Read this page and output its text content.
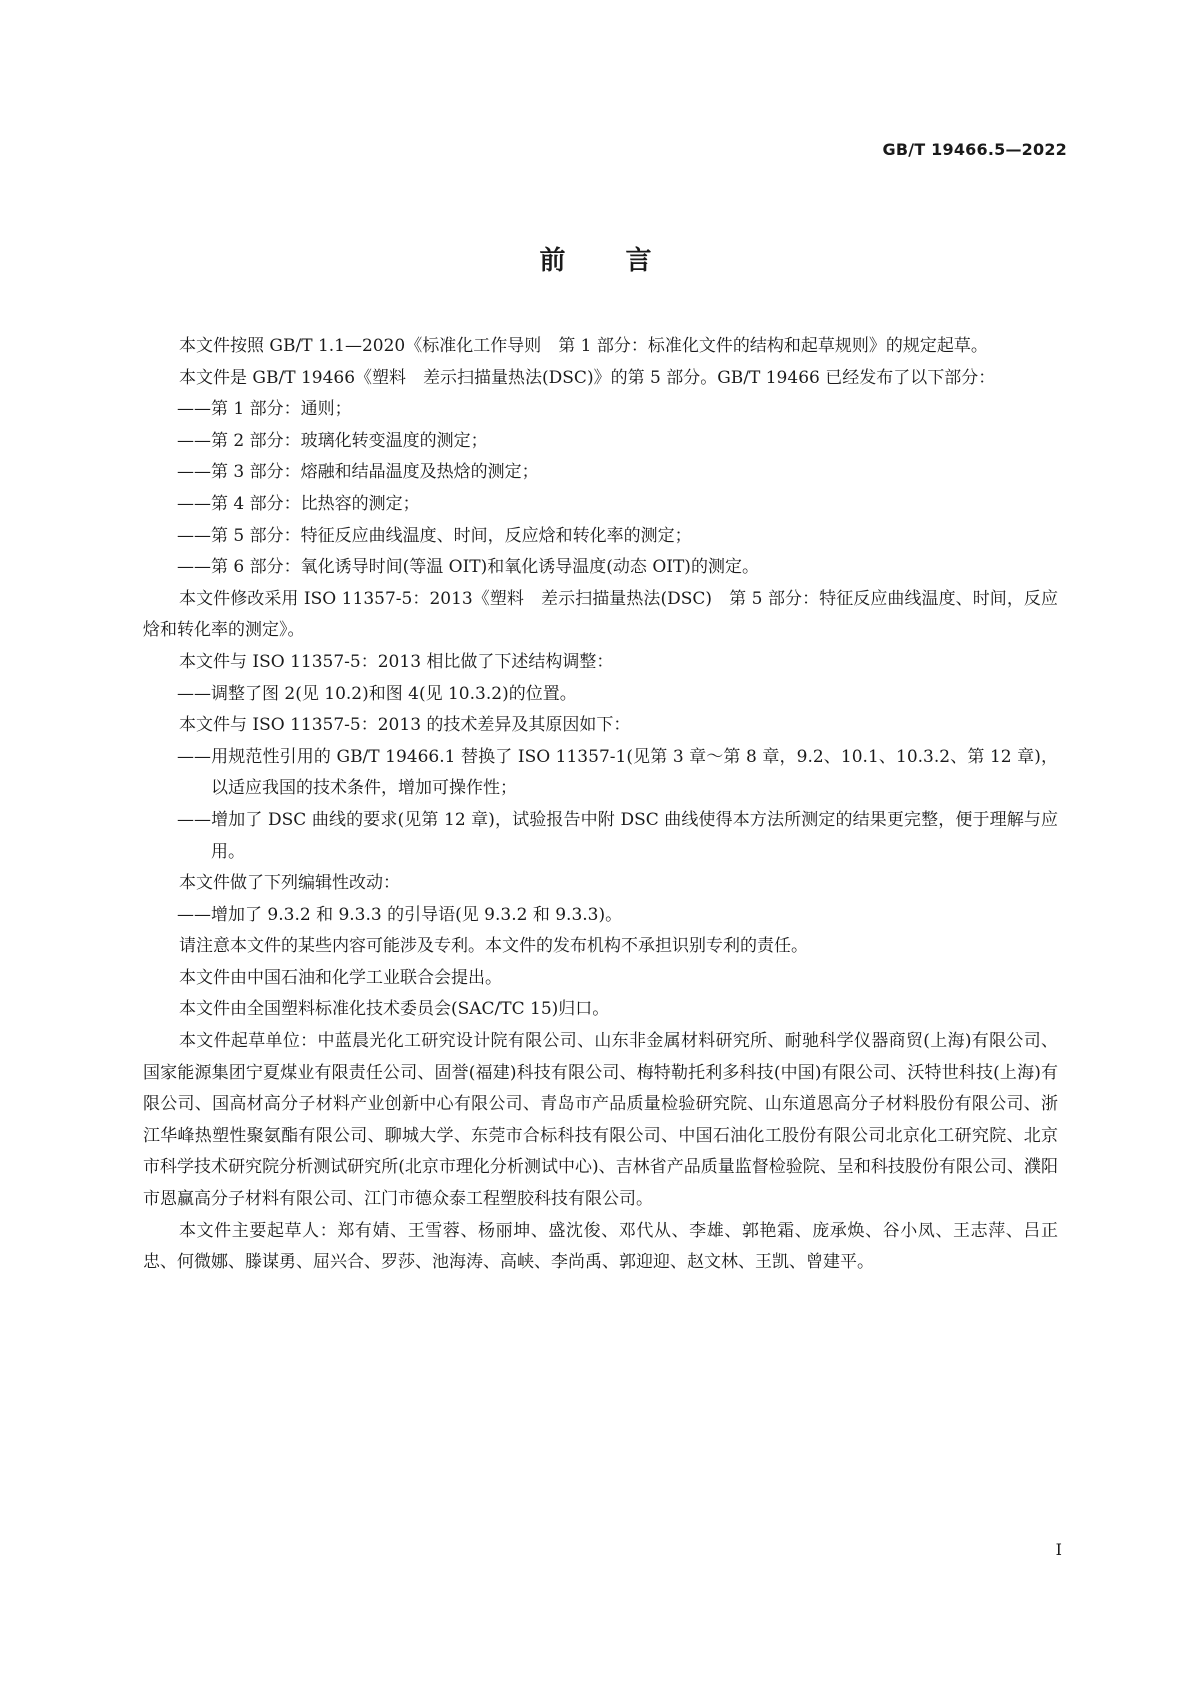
GB/T 19466.5—2022
前言

本文件按照 GB/T 1.1—2020《标准化工作导则　第 1 部分：标准化文件的结构和起草规则》的规定起草。

本文件是 GB/T 19466《塑料　差示扫描量热法(DSC)》的第 5 部分。GB/T 19466 已经发布了以下部分：

——第 1 部分：通则；

——第 2 部分：玻璃化转变温度的测定；

——第 3 部分：熔融和结晶温度及热焓的测定；

——第 4 部分：比热容的测定；

——第 5 部分：特征反应曲线温度、时间，反应焓和转化率的测定；

——第 6 部分：氧化诱导时间(等温 OIT)和氧化诱导温度(动态 OIT)的测定。

本文件修改采用 ISO 11357-5：2013《塑料　差示扫描量热法(DSC)　第 5 部分：特征反应曲线温度、时间，反应焓和转化率的测定》。

本文件与 ISO 11357-5：2013 相比做了下述结构调整：

——调整了图 2(见 10.2)和图 4(见 10.3.2)的位置。

本文件与 ISO 11357-5：2013 的技术差异及其原因如下：

——用规范性引用的 GB/T 19466.1 替换了 ISO 11357-1(见第 3 章～第 8 章，9.2、10.1、10.3.2、第 12 章)，以适应我国的技术条件，增加可操作性；

——增加了 DSC 曲线的要求(见第 12 章)，试验报告中附 DSC 曲线使得本方法所测定的结果更完整，便于理解与应用。

本文件做了下列编辑性改动：

——增加了 9.3.2 和 9.3.3 的引导语(见 9.3.2 和 9.3.3)。

请注意本文件的某些内容可能涉及专利。本文件的发布机构不承担识别专利的责任。

本文件由中国石油和化学工业联合会提出。

本文件由全国塑料标准化技术委员会(SAC/TC 15)归口。

本文件起草单位：中蓝晨光化工研究设计院有限公司、山东非金属材料研究所、耐驰科学仪器商贸(上海)有限公司、国家能源集团宁夏煤业有限责任公司、固誉(福建)科技有限公司、梅特勒托利多科技(中国)有限公司、沃特世科技(上海)有限公司、国高材高分子材料产业创新中心有限公司、青岛市产品质量检验研究院、山东道恩高分子材料股份有限公司、浙江华峰热塑性聚氨酯有限公司、聊城大学、东莞市合标科技有限公司、中国石油化工股份有限公司北京化工研究院、北京市科学技术研究院分析测试研究所(北京市理化分析测试中心)、吉林省产品质量监督检验院、呈和科技股份有限公司、濮阳市恩赢高分子材料有限公司、江门市德众泰工程塑胶科技有限公司。

本文件主要起草人：郑有婧、王雪蓉、杨丽坤、盛沈俊、邓代从、李雄、郭艳霜、庞承焕、谷小凤、王志萍、吕正忠、何微娜、滕谋勇、屈兴合、罗莎、池海涛、高峡、李尚禹、郭迎迎、赵文林、王凯、曾建平。

I
